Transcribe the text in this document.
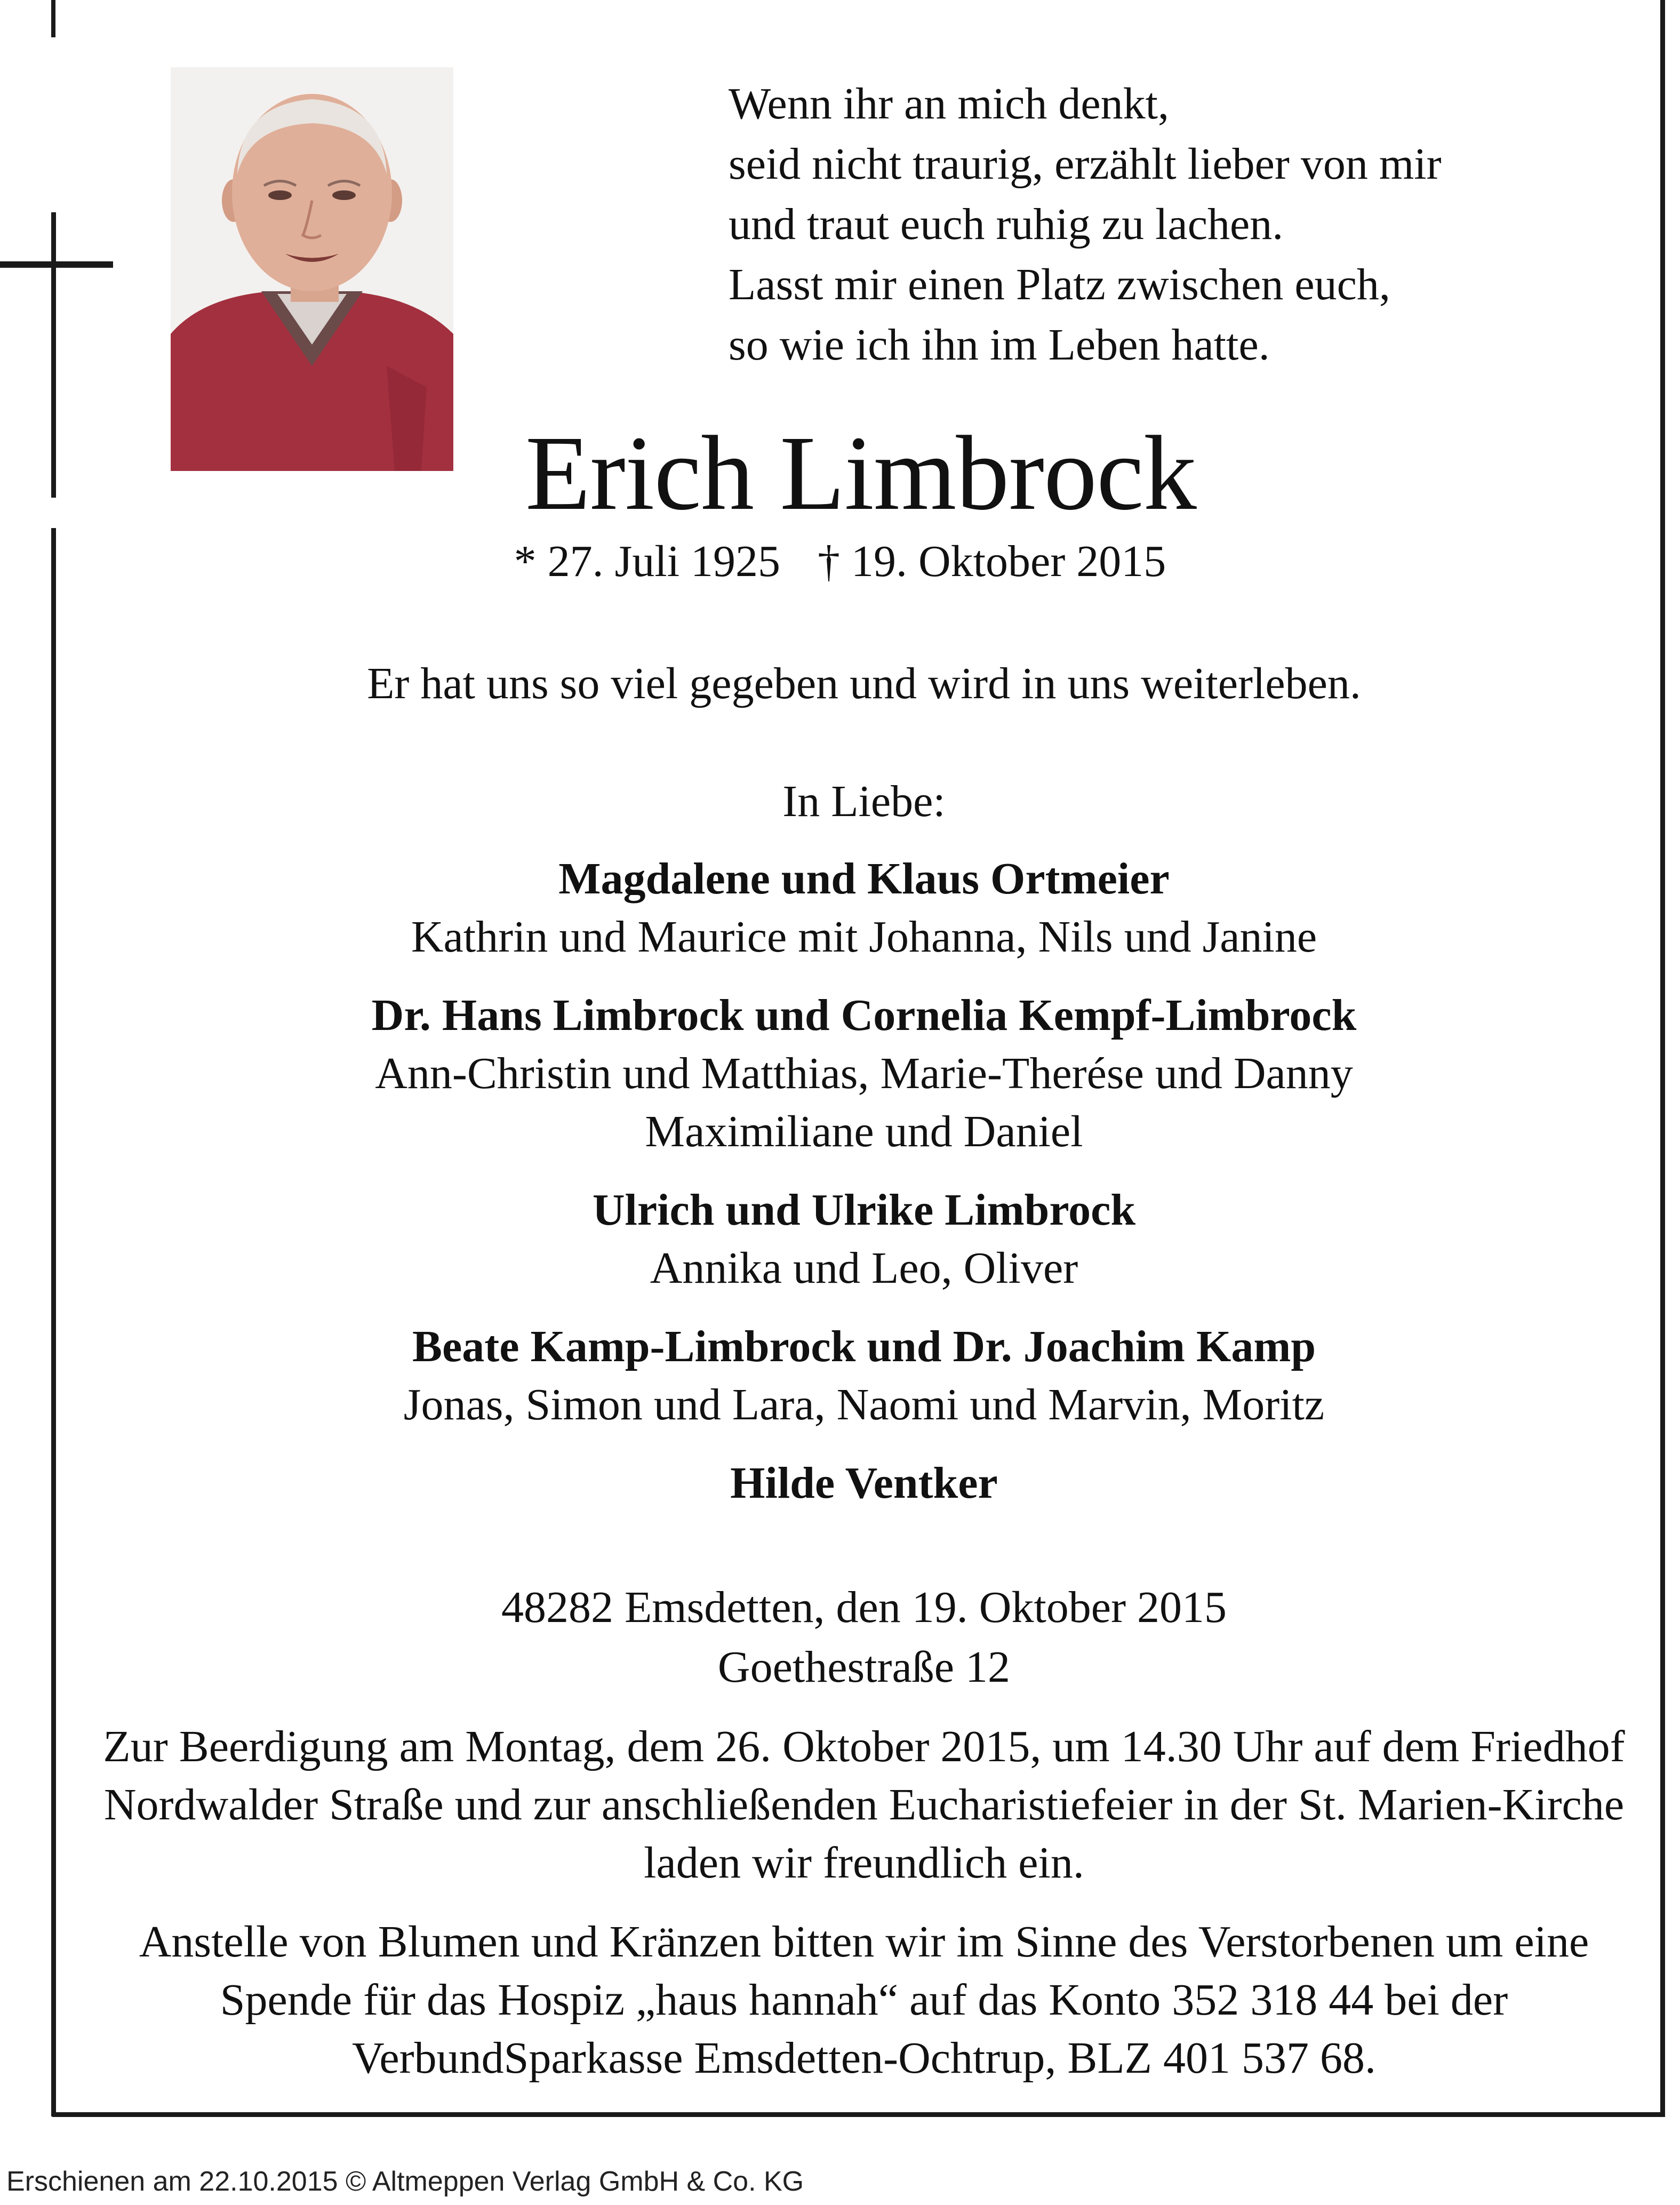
Wenn ihr an mich denkt,
seid nicht traurig, erzählt lieber von mir
und traut euch ruhig zu lachen.
Lasst mir einen Platz zwischen euch,
so wie ich ihn im Leben hatte.
Erich Limbrock
* 27. Juli 1925 † 19. Oktober 2015
Er hat uns so viel gegeben und wird in uns weiterleben.
In Liebe:
Magdalene und Klaus Ortmeier
Kathrin und Maurice mit Johanna, Nils und Janine
Dr. Hans Limbrock und Cornelia Kempf-Limbrock
Ann-Christin und Matthias, Marie-Therése und Danny
Maximiliane und Daniel
Ulrich und Ulrike Limbrock
Annika und Leo, Oliver
Beate Kamp-Limbrock und Dr. Joachim Kamp
Jonas, Simon und Lara, Naomi und Marvin, Moritz
Hilde Ventker
48282 Emsdetten, den 19. Oktober 2015
Goethestraße 12
Zur Beerdigung am Montag, dem 26. Oktober 2015, um 14.30 Uhr auf dem Friedhof
Nordwalder Straße und zur anschließenden Eucharistiefeier in der St. Marien-Kirche
laden wir freundlich ein.
Anstelle von Blumen und Kränzen bitten wir im Sinne des Verstorbenen um eine
Spende für das Hospiz „haus hannah“ auf das Konto 352 318 44 bei der
VerbundSparkasse Emsdetten-Ochtrup, BLZ 401 537 68.
Erschienen am 22.10.2015 © Altmeppen Verlag GmbH & Co. KG
